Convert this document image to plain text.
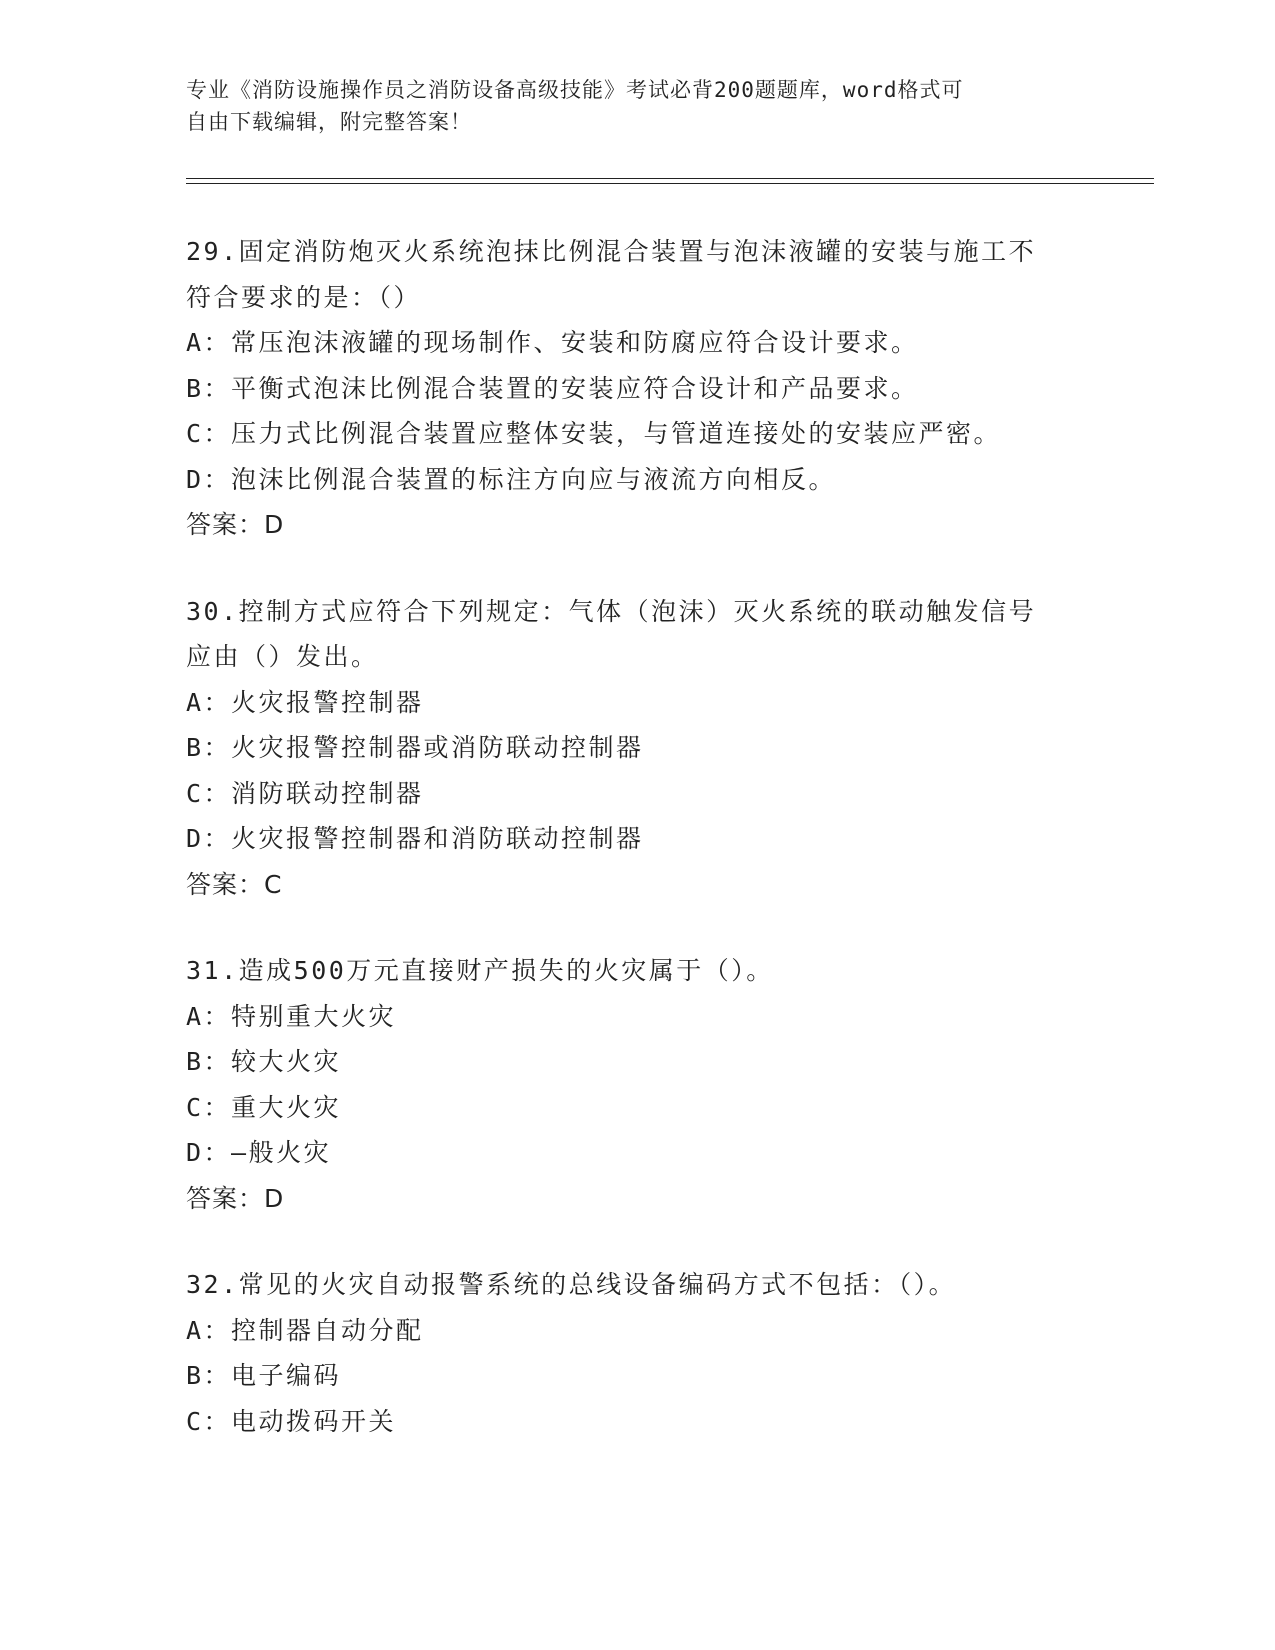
专业《消防设施操作员之消防设备高级技能》考试必背200题题库，word格式可
自由下载编辑，附完整答案！

29.固定消防炮灭火系统泡抹比例混合装置与泡沫液罐的安装与施工不
符合要求的是：（）
A：常压泡沫液罐的现场制作、安装和防腐应符合设计要求。
B：平衡式泡沫比例混合装置的安装应符合设计和产品要求。
C：压力式比例混合装置应整体安装，与管道连接处的安装应严密。
D：泡沫比例混合装置的标注方向应与液流方向相反。
答案：D
30.控制方式应符合下列规定：气体（泡沫）灭火系统的联动触发信号
应由（）发出。
A：火灾报警控制器
B：火灾报警控制器或消防联动控制器
C：消防联动控制器
D：火灾报警控制器和消防联动控制器
答案：C
31.造成500万元直接财产损失的火灾属于（）。
A：特别重大火灾
B：较大火灾
C：重大火灾
D：—般火灾
答案：D
32.常见的火灾自动报警系统的总线设备编码方式不包括：（）。
A：控制器自动分配
B：电子编码
C：电动拨码开关
